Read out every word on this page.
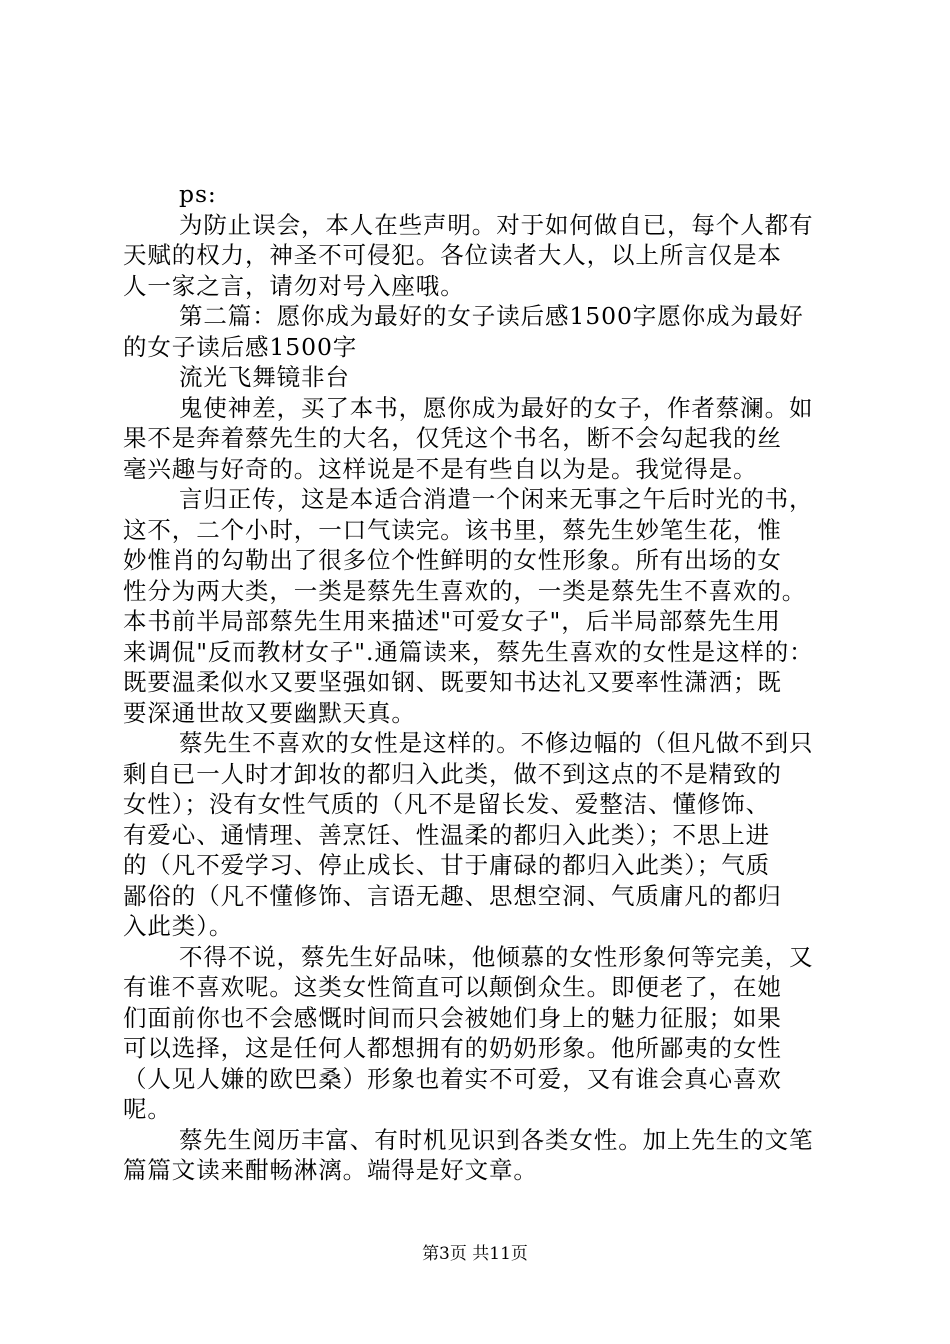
ps:
为防止误会，本人在些声明。对于如何做自已，每个人都有
天赋的权力，神圣不可侵犯。各位读者大人，以上所言仅是本
人一家之言，请勿对号入座哦。
第二篇：愿你成为最好的女子读后感1500字愿你成为最好
的女子读后感1500字
流光飞舞镜非台
鬼使神差，买了本书，愿你成为最好的女子，作者蔡澜。如
果不是奔着蔡先生的大名，仅凭这个书名，断不会勾起我的丝
毫兴趣与好奇的。这样说是不是有些自以为是。我觉得是。
言归正传，这是本适合消遣一个闲来无事之午后时光的书，
这不，二个小时，一口气读完。该书里，蔡先生妙笔生花，惟
妙惟肖的勾勒出了很多位个性鲜明的女性形象。所有出场的女
性分为两大类，一类是蔡先生喜欢的，一类是蔡先生不喜欢的。
本书前半局部蔡先生用来描述"可爱女子"，后半局部蔡先生用
来调侃"反而教材女子".通篇读来，蔡先生喜欢的女性是这样的：
既要温柔似水又要坚强如钢、既要知书达礼又要率性潇洒；既
要深通世故又要幽默天真。
蔡先生不喜欢的女性是这样的。不修边幅的（但凡做不到只
剩自已一人时才卸妆的都归入此类，做不到这点的不是精致的
女性）；没有女性气质的（凡不是留长发、爱整洁、懂修饰、
有爱心、通情理、善烹饪、性温柔的都归入此类）；不思上进
的（凡不爱学习、停止成长、甘于庸碌的都归入此类）；气质
鄙俗的（凡不懂修饰、言语无趣、思想空洞、气质庸凡的都归
入此类）。
不得不说，蔡先生好品味，他倾慕的女性形象何等完美，又
有谁不喜欢呢。这类女性简直可以颠倒众生。即便老了，在她
们面前你也不会感慨时间而只会被她们身上的魅力征服；如果
可以选择，这是任何人都想拥有的奶奶形象。他所鄙夷的女性
（人见人嫌的欧巴桑）形象也着实不可爱，又有谁会真心喜欢
呢。
蔡先生阅历丰富、有时机见识到各类女性。加上先生的文笔
篇篇文读来酣畅淋漓。端得是好文章。
第3页 共11页
